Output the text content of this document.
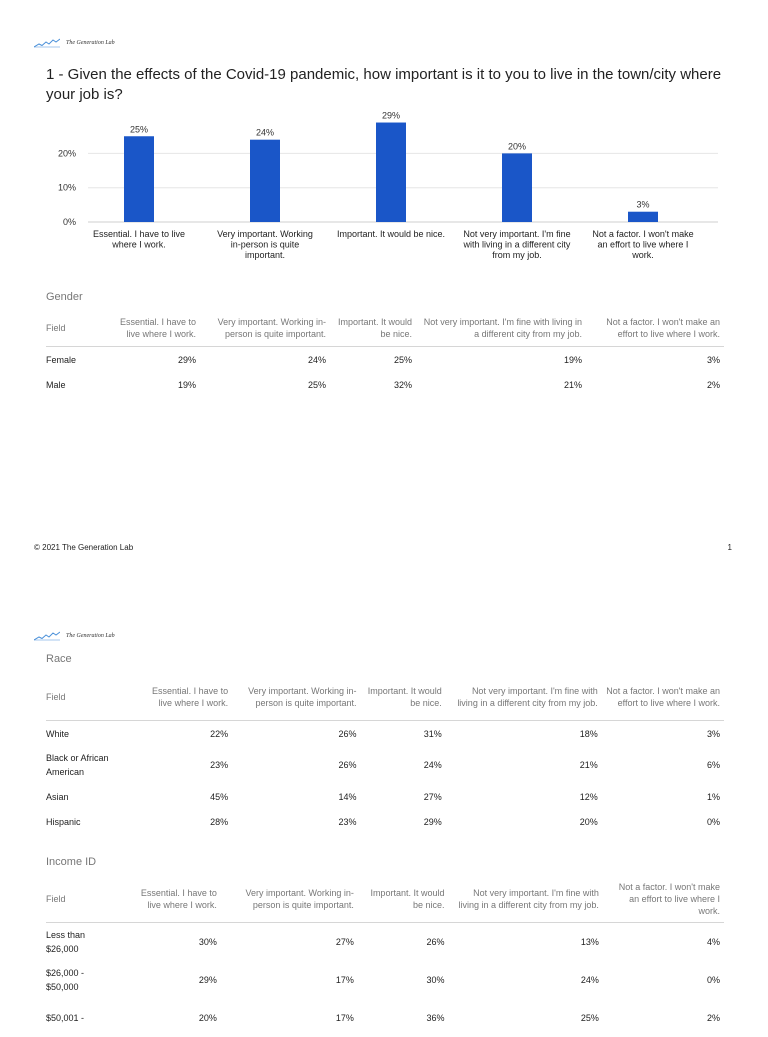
The Generation Lab
1 - Given the effects of the Covid-19 pandemic, how important is it to you to live in the town/city where your job is?
0%
10%
20%
25%
Essential. I have to live
where I work.
24%
Very important. Working
in-person is quite
important.
29%
Important. It would be nice.
20%
Not very important. I'm fine
with living in a different city
from my job.
3%
Not a factor. I won't make
an effort to live where I
work.
Gender
Field	Essential. I have to live where I work.	Very important. Working in-person is quite important.	Important. It would be nice.	Not very important. I'm fine with living in a different city from my job.	Not a factor. I won't make an effort to live where I work.
Female	29%	24%	25%	19%	3%
Male	19%	25%	32%	21%	2%
© 2021 The Generation Lab	1
The Generation Lab
Race
Field	Essential. I have to live where I work.	Very important. Working in-person is quite important.	Important. It would be nice.	Not very important. I'm fine with living in a different city from my job.	Not a factor. I won't make an effort to live where I work.
White	22%	26%	31%	18%	3%
Black or African American	23%	26%	24%	21%	6%
Asian	45%	14%	27%	12%	1%
Hispanic	28%	23%	29%	20%	0%
Income ID
Field	Essential. I have to live where I work.	Very important. Working in-person is quite important.	Important. It would be nice.	Not very important. I'm fine with living in a different city from my job.	Not a factor. I won't make an effort to live where I work.
Less than $26,000	30%	27%	26%	13%	4%
$26,000 - $50,000	29%	17%	30%	24%	0%
$50,001 -	20%	17%	36%	25%	2%
